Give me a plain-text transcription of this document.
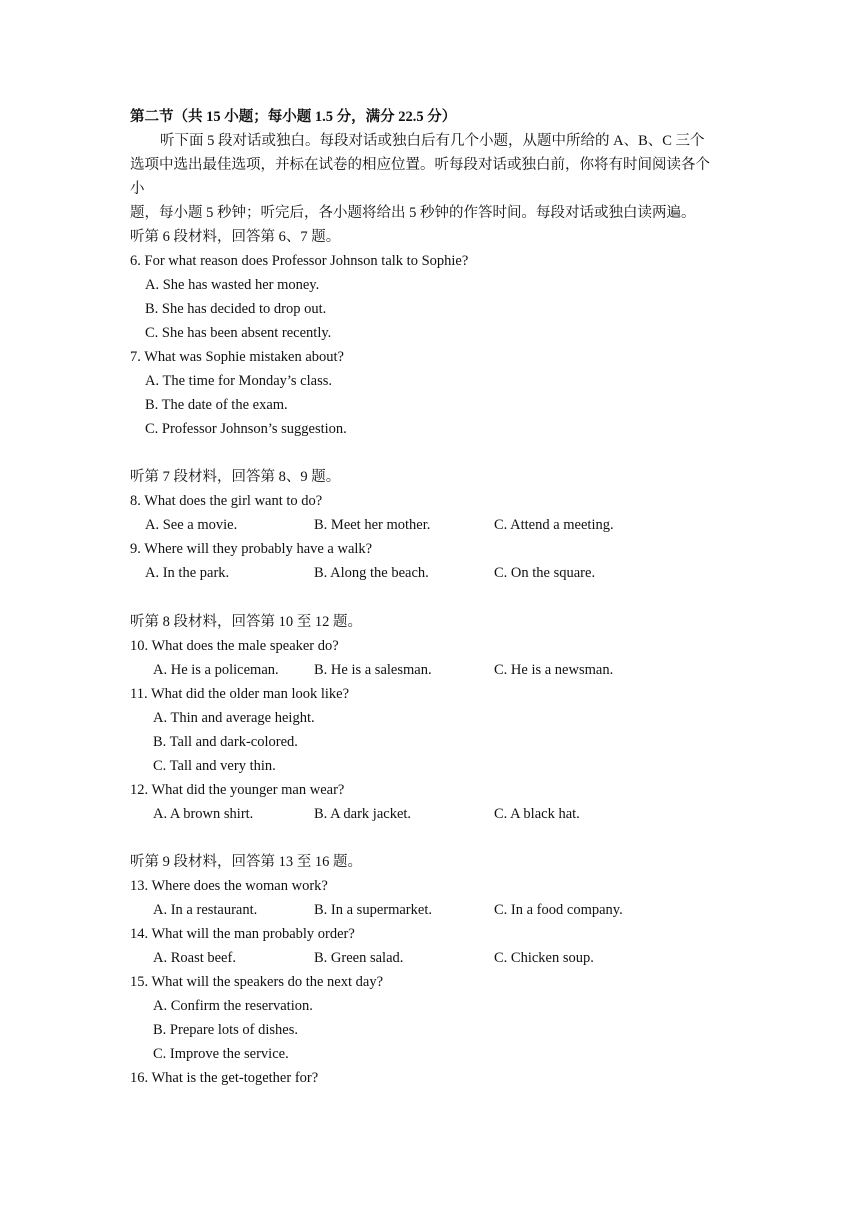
第二节（共 15 小题；每小题 1.5 分，满分 22.5 分）
听下面 5 段对话或独白。每段对话或独白后有几个小题，从题中所给的 A、B、C 三个
选项中选出最佳选项，并标在试卷的相应位置。听每段对话或独白前，你将有时间阅读各个
小
题，每小题 5 秒钟；听完后，各小题将给出 5 秒钟的作答时间。每段对话或独白读两遍。
听第 6 段材料，回答第 6、7 题。
6. For what reason does Professor Johnson talk to Sophie?
A. She has wasted her money.
B. She has decided to drop out.
C. She has been absent recently.
7. What was Sophie mistaken about?
A. The time for Monday’s class.
B. The date of the exam.
C. Professor Johnson’s suggestion.
听第 7 段材料，回答第 8、9 题。
8. What does the girl want to do?
A. See a movie.	B. Meet her mother.	C. Attend a meeting.
9. Where will they probably have a walk?
A. In the park.	B. Along the beach.	C. On the square.
听第 8 段材料，回答第 10 至 12 题。
10. What does the male speaker do?
A. He is a policeman. B. He is a salesman.	C. He is a newsman.
11. What did the older man look like?
A. Thin and average height.
B. Tall and dark-colored.
C. Tall and very thin.
12. What did the younger man wear?
A. A brown shirt.	B. A dark jacket.	C. A black hat.
听第 9 段材料，回答第 13 至 16 题。
13. Where does the woman work?
A. In a restaurant.	B. In a supermarket.	C. In a food company.
14. What will the man probably order?
A. Roast beef.	B. Green salad.	C. Chicken soup.
15. What will the speakers do the next day?
A. Confirm the reservation.
B. Prepare lots of dishes.
C. Improve the service.
16. What is the get-together for?
